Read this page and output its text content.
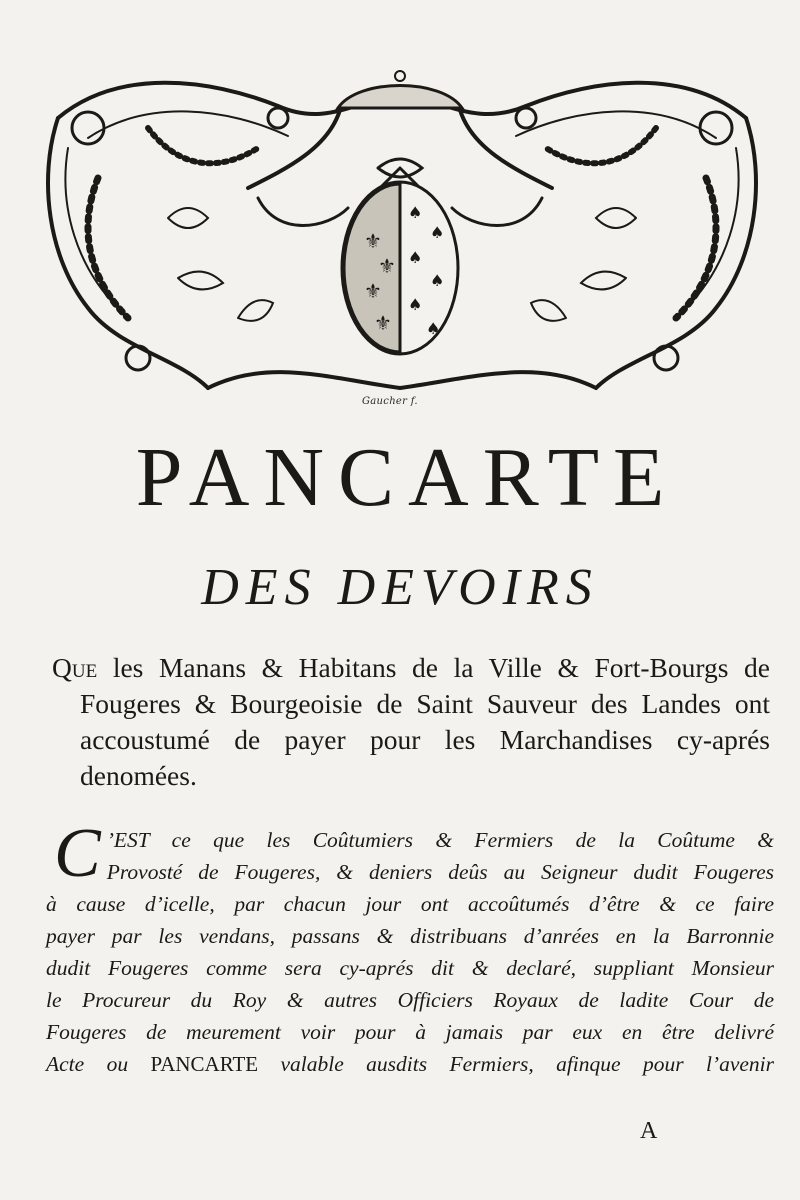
⚜
⚜
⚜
⚜
♠
♠
♠
♠
♠
♠
Gaucher f.
PANCARTE
DES DEVOIRS

Que les Manans & Habitans de la Ville & Fort-Bourgs de Fougeres & Bourgeoisie de Saint Sauveur des Landes ont accoustumé de payer pour les Marchandises cy-aprés denomées.

C ’EST ce que les Coûtumiers & Fermiers de la Coûtume &
Provosté de Fougeres, & deniers deûs au Seigneur dudit Fougeres
à cause d’icelle, par chacun jour ont accoûtumés d’être & ce faire
payer par les vendans, passans & distribuans d’anrées en la Barronnie
dudit Fougeres comme sera cy-aprés dit & declaré, suppliant Monsieur
le Procureur du Roy & autres Officiers Royaux de ladite Cour de
Fougeres de meurement voir pour à jamais par eux en être delivré
Acte ou PANCARTE valable ausdits Fermiers, afinque pour l’avenir
A
